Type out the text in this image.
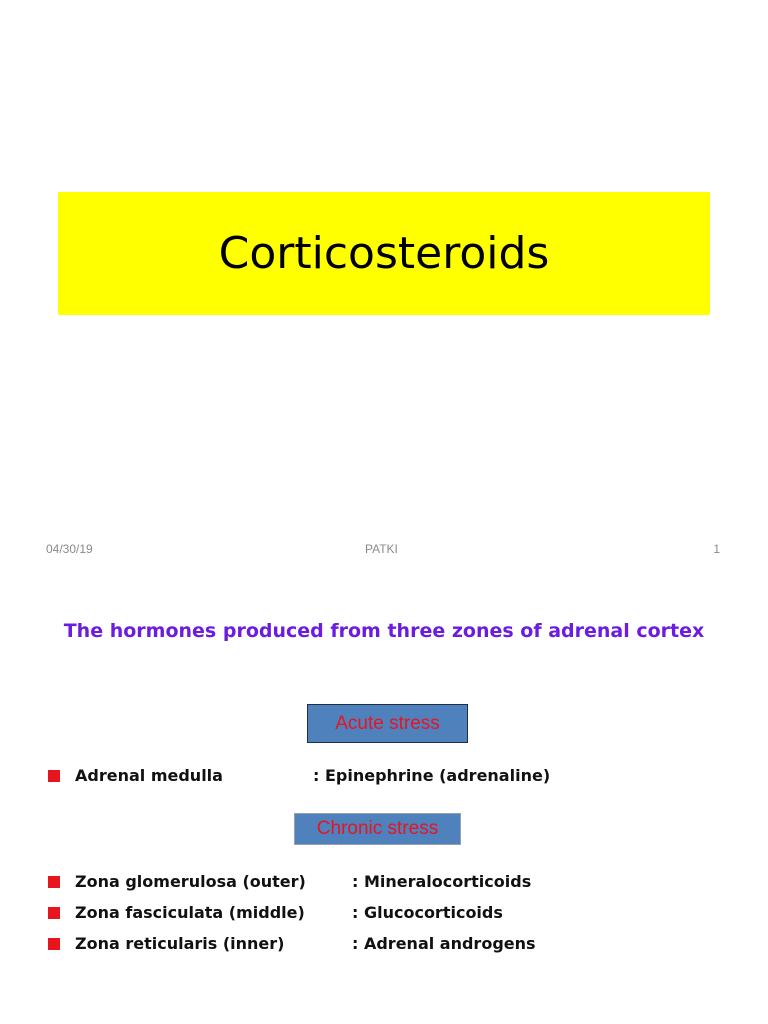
Corticosteroids
04/30/19	PATKI	1
The hormones produced from three zones of adrenal cortex
Acute stress
Adrenal medulla	: Epinephrine (adrenaline)
Chronic stress
Zona glomerulosa (outer)	: Mineralocorticoids
Zona fasciculata (middle)	: Glucocorticoids
Zona reticularis (inner)	: Adrenal androgens
